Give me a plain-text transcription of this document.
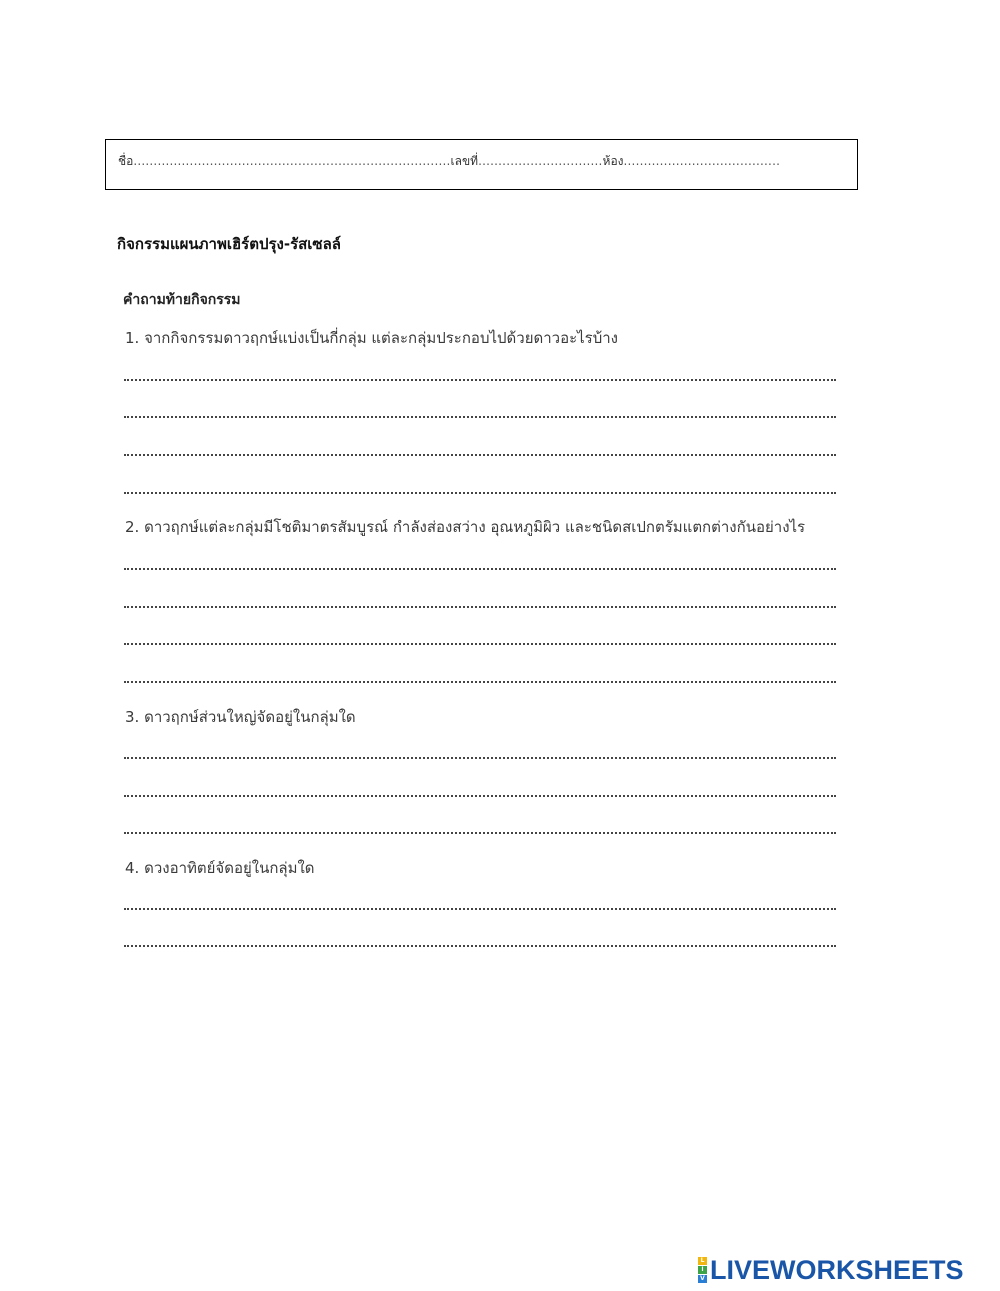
ชื่อ...............................................................................เลขที่...............................ห้อง.......................................
กิจกรรมแผนภาพเฮิร์ตปรุง-รัสเซลล์
คำถามท้ายกิจกรรม
1. จากกิจกรรมดาวฤกษ์แบ่งเป็นกี่กลุ่ม แต่ละกลุ่มประกอบไปด้วยดาวอะไรบ้าง
2. ดาวฤกษ์แต่ละกลุ่มมีโชติมาตรสัมบูรณ์ กำลังส่องสว่าง อุณหภูมิผิว และชนิดสเปกตรัมแตกต่างกันอย่างไร
3. ดาวฤกษ์ส่วนใหญ่จัดอยู่ในกลุ่มใด
4. ดวงอาทิตย์จัดอยู่ในกลุ่มใด
L
I
V LIVEWORKSHEETS
